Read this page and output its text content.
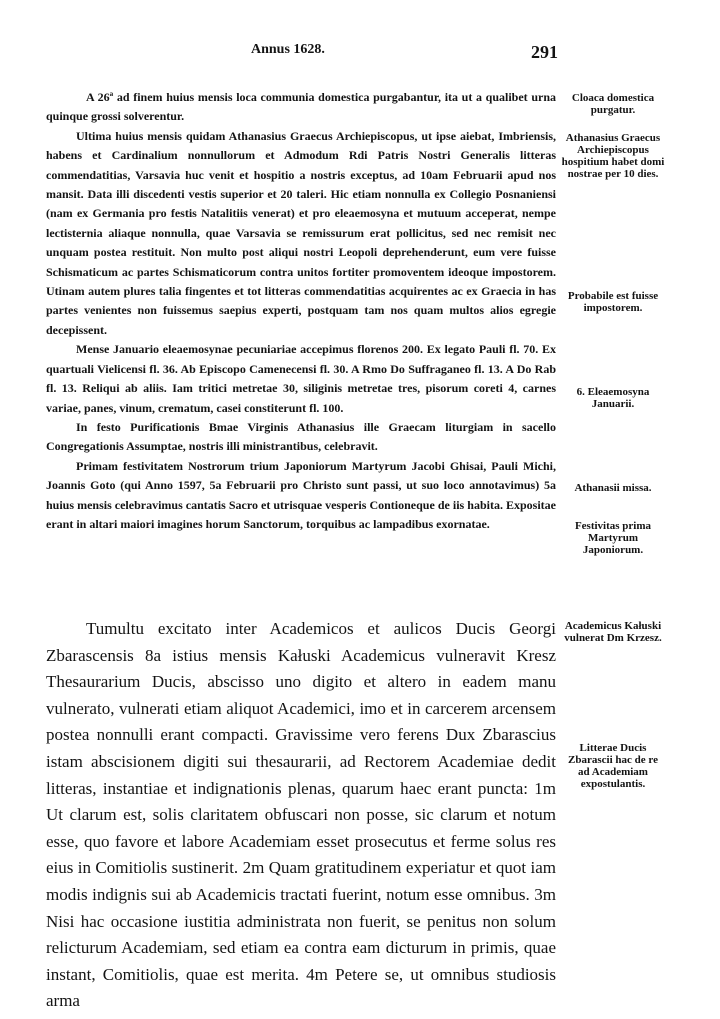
Annus 1628.	291

A 26ª ad finem huius mensis loca communia domestica purgabantur, ita ut a qualibet urna quinque grossi solverentur.

Ultima huius mensis quidam Athanasius Graecus Archiepiscopus, ut ipse aiebat, Imbriensis, habens et Cardinalium nonnullorum et Admodum Rdi Patris Nostri Generalis litteras commendatitias, Varsavia huc venit et hospitio a nostris exceptus, ad 10am Februarii apud nos mansit. Data illi discedenti vestis superior et 20 taleri. Hic etiam nonnulla ex Collegio Posnaniensi (nam ex Germania pro festis Natalitiis venerat) et pro eleaemosyna et mutuum acceperat, nempe lectisternia aliaque nonnulla, quae Varsavia se remissurum erat pollicitus, sed nec remisit nec unquam postea restituit. Non multo post aliqui nostri Leopoli deprehenderunt, eum vere fuisse Schismaticum ac partes Schismaticorum contra unitos fortiter promoventem ideoque impostorem. Utinam autem plures talia fingentes et tot litteras commendatitias acquirentes ac ex Graecia in has partes venientes non fuissemus saepius experti, postquam tam nos quam multos alios egregie decepissent.

Mense Januario eleaemosynae pecuniariae accepimus florenos 200. Ex legato Pauli fl. 70. Ex quartuali Vielicensi fl. 36. Ab Episcopo Camenecensi fl. 30. A Rmo Do Suffraganeo fl. 13. A Do Rab fl. 13. Reliqui ab aliis. Iam tritici metretae 30, siliginis metretae tres, pisorum coreti 4, carnes variae, panes, vinum, crematum, casei constiterunt fl. 100.

In festo Purificationis Bmae Virginis Athanasius ille Graecam liturgiam in sacello Congregationis Assumptae, nostris illi ministrantibus, celebravit.

Primam festivitatem Nostrorum trium Japoniorum Martyrum Jacobi Ghisai, Pauli Michi, Joannis Goto (qui Anno 1597, 5a Februarii pro Christo sunt passi, ut suo loco annotavimus) 5a huius mensis celebravimus cantatis Sacro et utrisquae vesperis Contioneque de iis habita. Expositae erant in altari maiori imagines horum Sanctorum, torquibus ac lampadibus exornatae.

Tumultu excitato inter Academicos et aulicos Ducis Georgi Zbarascensis 8a istius mensis Kałuski Academicus vulneravit Kresz Thesaurarium Ducis, abscisso uno digito et altero in eadem manu vulnerato, vulnerati etiam aliquot Academici, imo et in carcerem arcensem postea nonnulli erant compacti. Gravissime vero ferens Dux Zbarascius istam abscisionem digiti sui thesaurarii, ad Rectorem Academiae dedit litteras, instantiae et indignationis plenas, quarum haec erant puncta: 1m Ut clarum est, solis claritatem obfuscari non posse, sic clarum et notum esse, quo favore et labore Academiam esset prosecutus et ferme solus res eius in Comitiolis sustinerit. 2m Quam gratitudinem experiatur et quot iam modis indignis sui ab Academicis tractati fuerint, notum esse omnibus. 3m Nisi hac occasione iustitia administrata non fuerit, se penitus non solum relicturum Academiam, sed etiam ea contra eam dicturum in primis, quae instant, Comitiolis, quae est merita. 4m Petere se, ut omnibus studiosis arma

Cloaca domestica purgatur.
Athanasius Graecus Archiepiscopus hospitium habet domi nostrae per 10 dies.
Probabile est fuisse impostorem.
6. Eleaemosyna Januarii.
Athanasii missa.
Festivitas prima Martyrum Japoniorum.
Academicus Kałuski vulnerat Dm Krzesz.
Litterae Ducis Zbarascii hac de re ad Academiam expostulantis.
